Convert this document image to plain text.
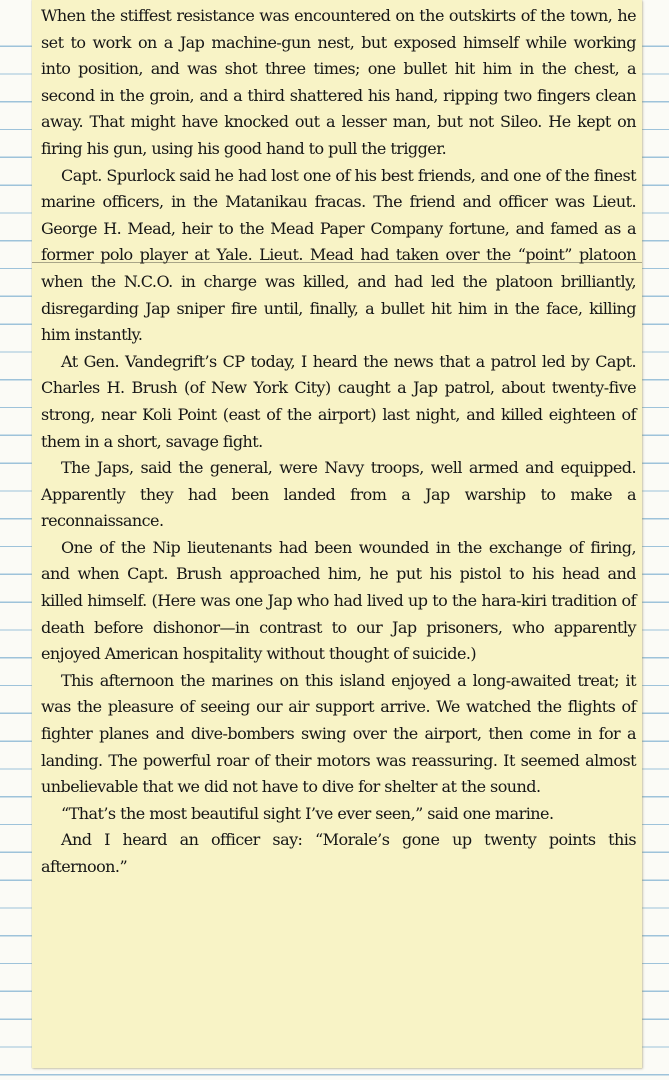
When the stiffest resistance was encountered on the outskirts of the town, he set to work on a Jap machine-gun nest, but exposed himself while working into position, and was shot three times; one bullet hit him in the chest, a second in the groin, and a third shattered his hand, ripping two fingers clean away. That might have knocked out a lesser man, but not Sileo. He kept on firing his gun, using his good hand to pull the trigger.

Capt. Spurlock said he had lost one of his best friends, and one of the finest marine officers, in the Matanikau fracas. The friend and officer was Lieut. George H. Mead, heir to the Mead Paper Company fortune, and famed as a former polo player at Yale. Lieut. Mead had taken over the “point” platoon when the N.C.O. in charge was killed, and had led the platoon brilliantly, disregarding Jap sniper fire until, finally, a bullet hit him in the face, killing him instantly.

At Gen. Vandegrift’s CP today, I heard the news that a patrol led by Capt. Charles H. Brush (of New York City) caught a Jap patrol, about twenty-five strong, near Koli Point (east of the airport) last night, and killed eighteen of them in a short, savage fight.

The Japs, said the general, were Navy troops, well armed and equipped. Apparently they had been landed from a Jap warship to make a reconnaissance.

One of the Nip lieutenants had been wounded in the exchange of firing, and when Capt. Brush approached him, he put his pistol to his head and killed himself. (Here was one Jap who had lived up to the hara-kiri tradition of death before dishonor—in contrast to our Jap prisoners, who apparently enjoyed American hospitality without thought of suicide.)

This afternoon the marines on this island enjoyed a long-awaited treat; it was the pleasure of seeing our air support arrive. We watched the flights of fighter planes and dive-bombers swing over the airport, then come in for a landing. The powerful roar of their motors was reassuring. It seemed almost unbelievable that we did not have to dive for shelter at the sound.

“That’s the most beautiful sight I’ve ever seen,” said one marine.

And I heard an officer say: “Morale’s gone up twenty points this afternoon.”
